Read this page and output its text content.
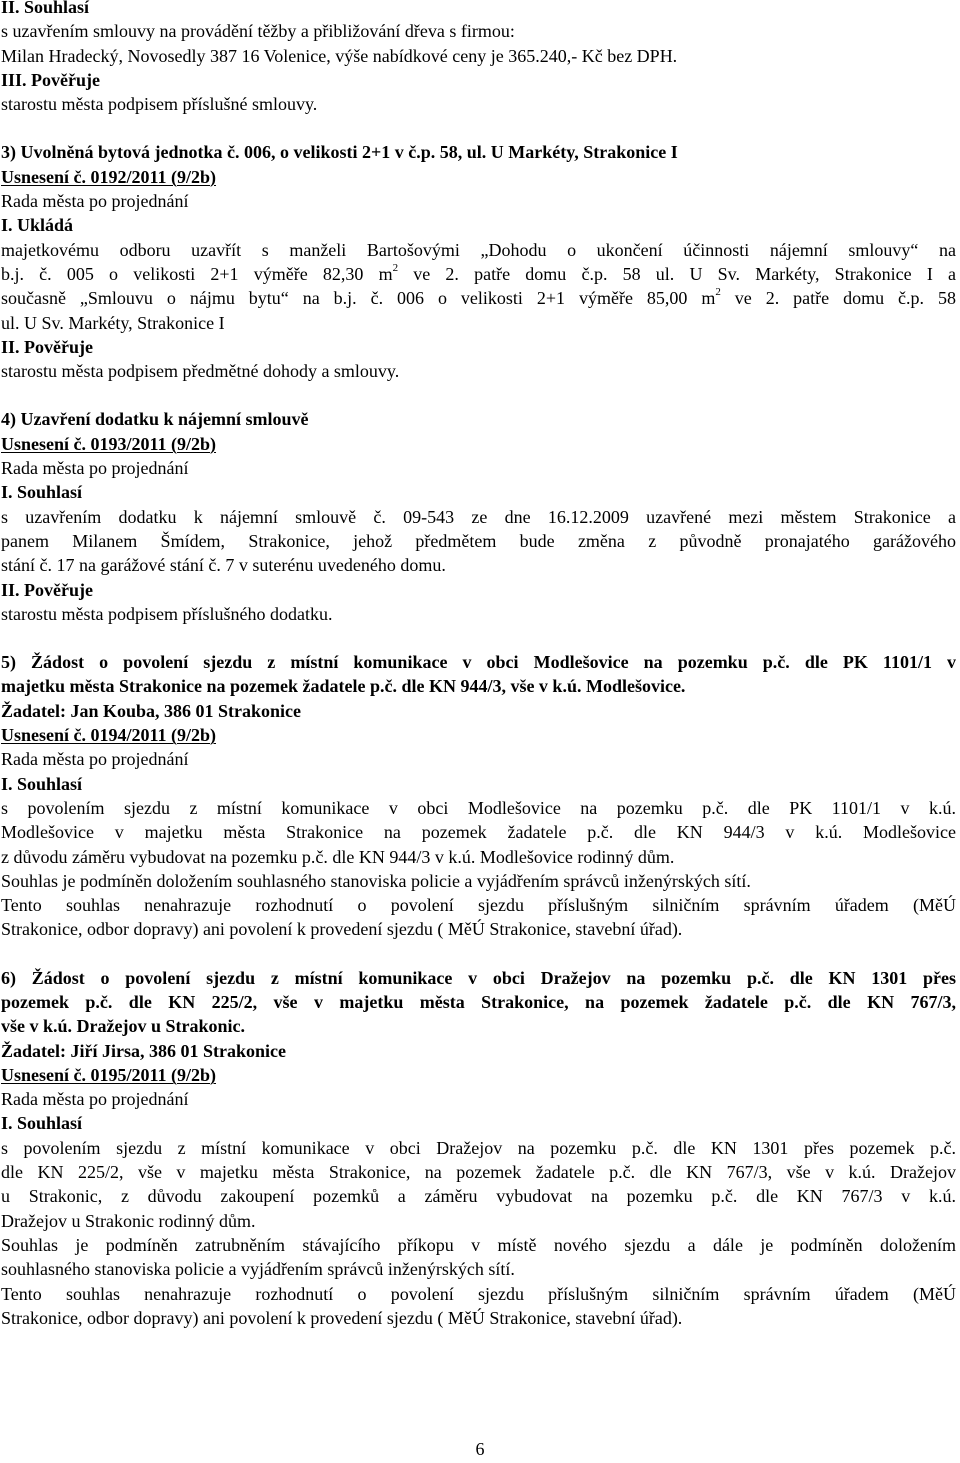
II. Souhlasí
s uzavřením smlouvy na provádění těžby a přibližování dřeva s firmou:
Milan Hradecký, Novosedly 387 16 Volenice, výše nabídkové ceny je 365.240,- Kč bez DPH.
III. Pověřuje
starostu města podpisem příslušné smlouvy.
3) Uvolněná bytová jednotka č. 006, o velikosti 2+1 v č.p. 58, ul. U Markéty, Strakonice I
Usnesení č. 0192/2011 (9/2b)
Rada města po projednání
I. Ukládá
majetkovému odboru uzavřít s manželi Bartošovými „Dohodu o ukončení účinnosti nájemní smlouvy“ na
b.j. č. 005 o velikosti 2+1 výměře 82,30 $m^2$ ve 2. patře domu č.p. 58 ul. U Sv. Markéty, Strakonice I a
současně „Smlouvu o nájmu bytu“ na b.j. č. 006 o velikosti 2+1 výměře 85,00 $m^2$ ve 2. patře domu č.p. 58
ul. U Sv. Markéty, Strakonice I
II. Pověřuje
starostu města podpisem předmětné dohody a smlouvy.
4) Uzavření dodatku k nájemní smlouvě
Usnesení č. 0193/2011 (9/2b)
Rada města po projednání
I. Souhlasí
s uzavřením dodatku k nájemní smlouvě č. 09-543 ze dne 16.12.2009 uzavřené mezi městem Strakonice a
panem Milanem Šmídem, Strakonice, jehož předmětem bude změna z původně pronajatého garážového
stání č. 17 na garážové stání č. 7 v suterénu uvedeného domu.
II. Pověřuje
starostu města podpisem příslušného dodatku.
5) Žádost o povolení sjezdu z místní komunikace v obci Modlešovice na pozemku p.č. dle PK 1101/1 v
majetku města Strakonice na pozemek žadatele p.č. dle KN 944/3, vše v k.ú. Modlešovice.
Žadatel: Jan Kouba, 386 01 Strakonice
Usnesení č. 0194/2011 (9/2b)
Rada města po projednání
I. Souhlasí
s povolením sjezdu z místní komunikace v obci Modlešovice na pozemku p.č. dle PK 1101/1 v k.ú.
Modlešovice v majetku města Strakonice na pozemek žadatele p.č. dle KN 944/3 v k.ú. Modlešovice
z důvodu záměru vybudovat na pozemku p.č. dle KN 944/3 v k.ú. Modlešovice rodinný dům.
Souhlas je podmíněn doložením souhlasného stanoviska policie a vyjádřením správců inženýrských sítí.
Tento souhlas nenahrazuje rozhodnutí o povolení sjezdu příslušným silničním správním úřadem (MěÚ
Strakonice, odbor dopravy) ani povolení k provedení sjezdu ( MěÚ Strakonice, stavební úřad).
6) Žádost o povolení sjezdu z místní komunikace v obci Dražejov na pozemku p.č. dle KN 1301 přes
pozemek p.č. dle KN 225/2, vše v majetku města Strakonice, na pozemek žadatele p.č. dle KN 767/3,
vše v k.ú. Dražejov u Strakonic.
Žadatel: Jiří Jirsa, 386 01 Strakonice
Usnesení č. 0195/2011 (9/2b)
Rada města po projednání
I. Souhlasí
s povolením sjezdu z místní komunikace v obci Dražejov na pozemku p.č. dle KN 1301 přes pozemek p.č.
dle KN 225/2, vše v majetku města Strakonice, na pozemek žadatele p.č. dle KN 767/3, vše v k.ú. Dražejov
u Strakonic, z důvodu zakoupení pozemků a záměru vybudovat na pozemku p.č. dle KN 767/3 v k.ú.
Dražejov u Strakonic rodinný dům.
Souhlas je podmíněn zatrubněním stávajícího příkopu v místě nového sjezdu a dále je podmíněn doložením
souhlasného stanoviska policie a vyjádřením správců inženýrských sítí.
Tento souhlas nenahrazuje rozhodnutí o povolení sjezdu příslušným silničním správním úřadem (MěÚ
Strakonice, odbor dopravy) ani povolení k provedení sjezdu ( MěÚ Strakonice, stavební úřad).
6
